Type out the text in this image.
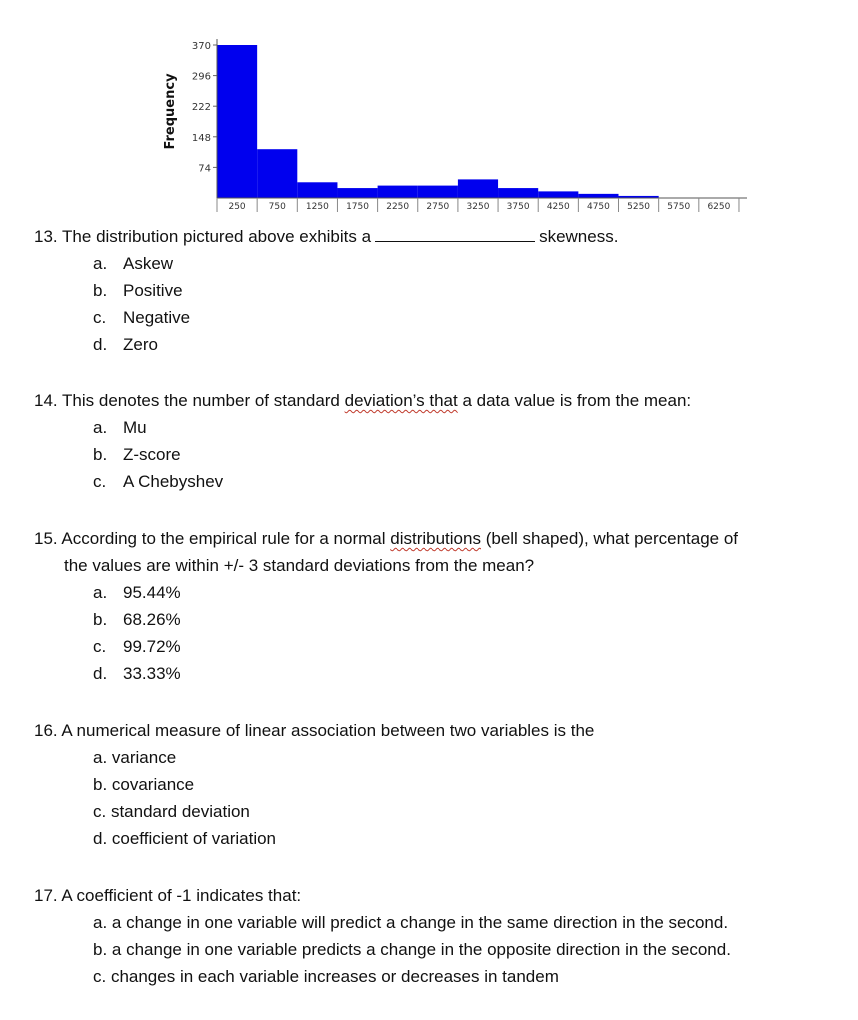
Frequency
74
148
222
296
370
250	750 1250 1750 2250 2750 3250 3750 4250 4750 5250 5750 6250

13. The distribution pictured above exhibits a	skewness.

a. Askew
b. Positive
c. Negative
d. Zero

14. This denotes the number of standard deviation’s that a data value is from the mean:

a. Mu
b. Z-score
c. A Chebyshev

15. According to the empirical rule for a normal distributions (bell shaped), what percentage of
the values are within +/- 3 standard deviations from the mean?

a. 95.44%
b. 68.26%
c. 99.72%
d. 33.33%

16. A numerical measure of linear association between two variables is the

a. variance
b. covariance
c. standard deviation
d. coefficient of variation

17. A coefficient of -1 indicates that:

a. a change in one variable will predict a change in the same direction in the second.
b. a change in one variable predicts a change in the opposite direction in the second.
c. changes in each variable increases or decreases in tandem
